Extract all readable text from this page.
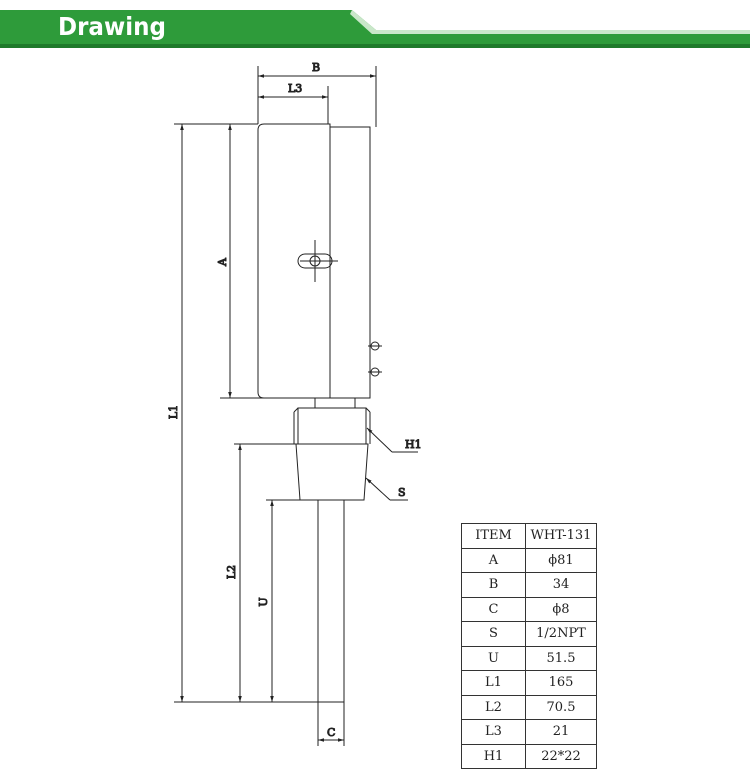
Drawing
B
L3
A
L1
L2
U
C
H1
S
ITEM	WHT-131
A	ϕ81
B	34
C	ϕ8
S	1/2NPT
U	51.5
L1	165
L2	70.5
L3	21
H1	22*22
